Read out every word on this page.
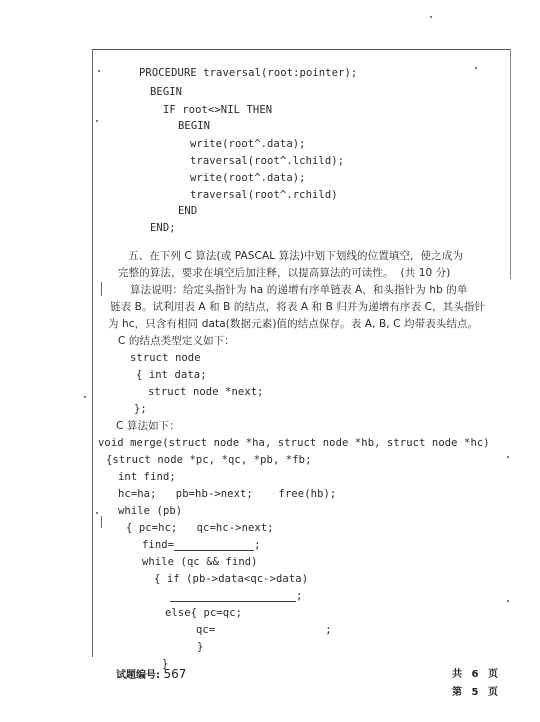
PROCEDURE traversal(root:pointer);
BEGIN
IF root<>NIL THEN
BEGIN
write(root^.data);
traversal(root^.lchild);
write(root^.data);
traversal(root^.rchild)
END
END;
五、在下列 C 算法(或 PASCAL 算法)中划下划线的位置填空，使之成为
完整的算法，要求在填空后加注释，以提高算法的可读性。  (共 10 分)
算法说明：给定头指针为 ha 的递增有序单链表 A，和头指针为 hb 的单
链表 B。试利用表 A 和 B 的结点，将表 A 和 B 归并为递增有序表 C，其头指针
为 hc，只含有相同 data(数据元素)值的结点保存。表 A, B, C 均带表头结点。
C 的结点类型定义如下：
struct node
{ int data;
struct node *next;
};
C 算法如下：
void merge(struct node *ha, struct node *hb, struct node *hc)
{struct node *pc, *qc, *pb, *fb;
int find;
hc=ha;   pb=hb->next;    free(hb);
while (pb)
{ pc=hc;   qc=hc->next;
find=	;
while (qc && find)
{ if (pb->data<qc->data)
;
else{ pc=qc;
qc=	;
}
}
试题编号: 567	共 6 页
第 5 页
